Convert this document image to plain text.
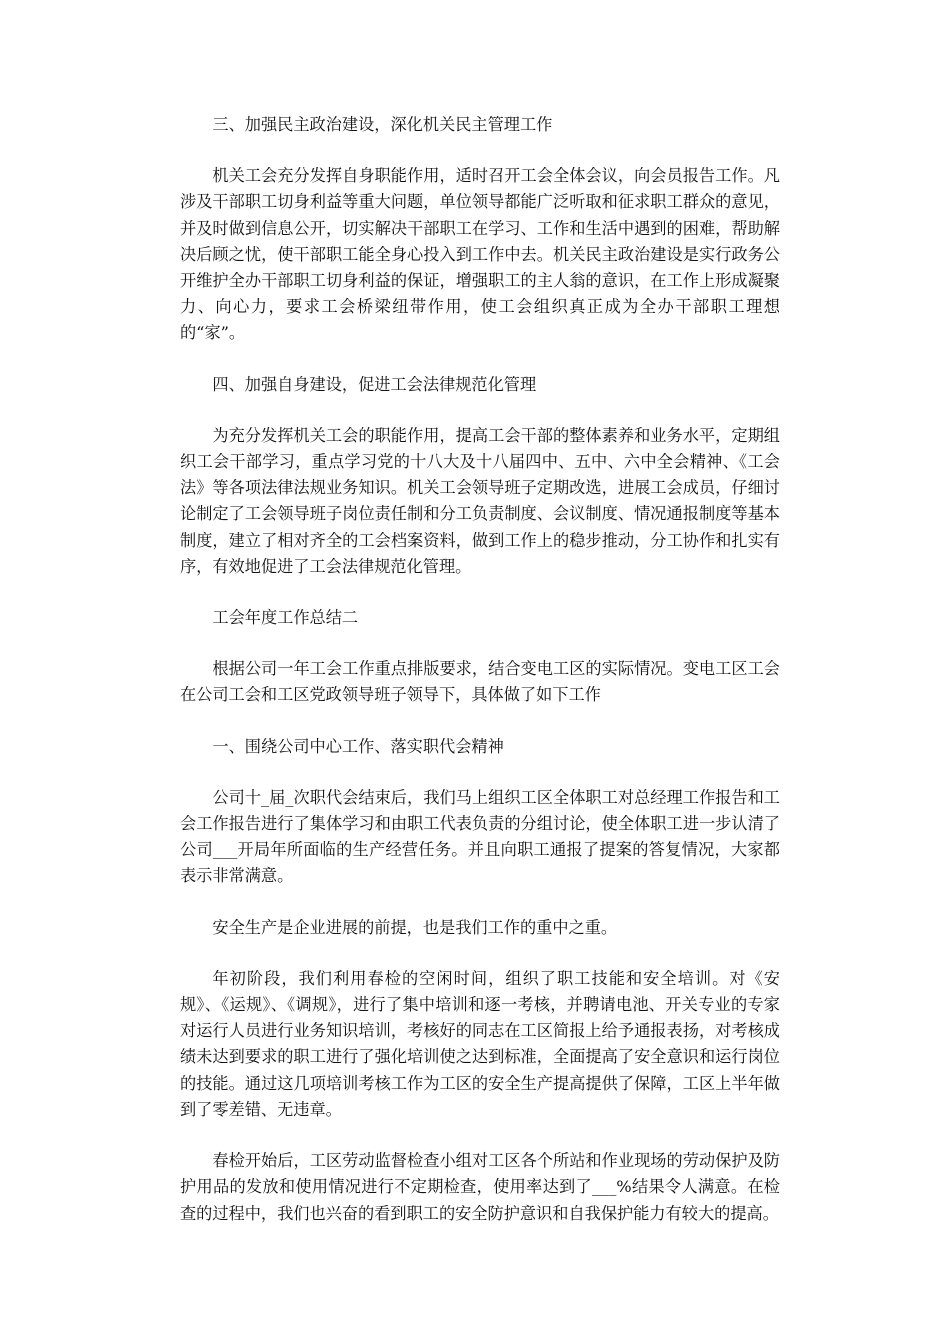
三、加强民主政治建设，深化机关民主管理工作

机关工会充分发挥自身职能作用，适时召开工会全体会议，向会员报告工作。凡涉及干部职工切身利益等重大问题，单位领导都能广泛听取和征求职工群众的意见，并及时做到信息公开，切实解决干部职工在学习、工作和生活中遇到的困难，帮助解决后顾之忧，使干部职工能全身心投入到工作中去。机关民主政治建设是实行政务公开维护全办干部职工切身利益的保证，增强职工的主人翁的意识，在工作上形成凝聚力、向心力，要求工会桥梁纽带作用，使工会组织真正成为全办干部职工理想的“家”。

四、加强自身建设，促进工会法律规范化管理

为充分发挥机关工会的职能作用，提高工会干部的整体素养和业务水平，定期组织工会干部学习，重点学习党的十八大及十八届四中、五中、六中全会精神、《工会法》等各项法律法规业务知识。机关工会领导班子定期改选，进展工会成员，仔细讨论制定了工会领导班子岗位责任制和分工负责制度、会议制度、情况通报制度等基本制度，建立了相对齐全的工会档案资料，做到工作上的稳步推动，分工协作和扎实有序，有效地促进了工会法律规范化管理。

工会年度工作总结二

根据公司一年工会工作重点排版要求，结合变电工区的实际情况。变电工区工会在公司工会和工区党政领导班子领导下，具体做了如下工作

一、围绕公司中心工作、落实职代会精神

公司十_届_次职代会结束后，我们马上组织工区全体职工对总经理工作报告和工会工作报告进行了集体学习和由职工代表负责的分组讨论，使全体职工进一步认清了公司___开局年所面临的生产经营任务。并且向职工通报了提案的答复情况，大家都表示非常满意。

安全生产是企业进展的前提，也是我们工作的重中之重。

年初阶段，我们利用春检的空闲时间，组织了职工技能和安全培训。对《安规》、《运规》、《调规》，进行了集中培训和逐一考核，并聘请电池、开关专业的专家对运行人员进行业务知识培训，考核好的同志在工区简报上给予通报表扬，对考核成绩未达到要求的职工进行了强化培训使之达到标准，全面提高了安全意识和运行岗位的技能。通过这几项培训考核工作为工区的安全生产提高提供了保障，工区上半年做到了零差错、无违章。

春检开始后，工区劳动监督检查小组对工区各个所站和作业现场的劳动保护及防护用品的发放和使用情况进行不定期检查，使用率达到了___%结果令人满意。在检查的过程中，我们也兴奋的看到职工的安全防护意识和自我保护能力有较大的提高。
